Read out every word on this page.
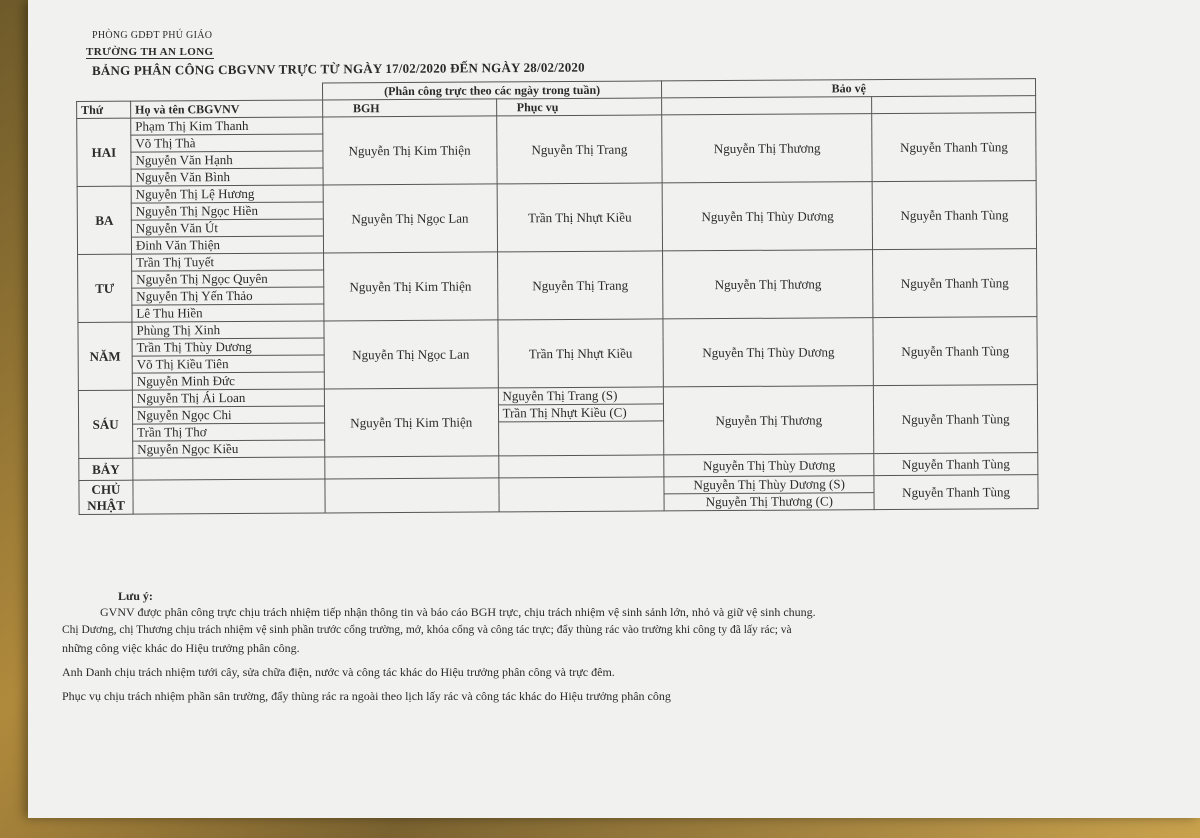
PHÒNG GDĐT PHÚ GIÁO
TRƯỜNG TH AN LONG
BẢNG PHÂN CÔNG CBGVNV TRỰC TỪ NGÀY 17/02/2020 ĐẾN NGÀY 28/02/2020
		(Phân công trực theo các ngày trong tuần)		Bảo vệ	
Thứ	Họ và tên CBGVNV	BGH	Phục vụ		
HAI	Phạm Thị Kim Thanh	Nguyễn Thị Kim Thiện	Nguyễn Thị Trang	Nguyễn Thị Thương	Nguyễn Thanh Tùng
	Võ Thị Thà				
	Nguyễn Văn Hạnh				
	Nguyễn Văn Bình				
BA	Nguyễn Thị Lệ Hương	Nguyễn Thị Ngọc Lan	Trần Thị Nhựt Kiều	Nguyễn Thị Thùy Dương	Nguyễn Thanh Tùng
	Nguyễn Thị Ngọc Hiền				
	Nguyễn Văn Út				
	Đinh Văn Thiện				
TƯ	Trần Thị Tuyết	Nguyễn Thị Kim Thiện	Nguyễn Thị Trang	Nguyễn Thị Thương	Nguyễn Thanh Tùng
	Nguyễn Thị Ngọc Quyên				
	Nguyễn Thị Yến Thảo				
	Lê Thu Hiền				
NĂM	Phùng Thị Xinh	Nguyễn Thị Ngọc Lan	Trần Thị Nhựt Kiều	Nguyễn Thị Thùy Dương	Nguyễn Thanh Tùng
	Trần Thị Thùy Dương				
	Võ Thị Kiều Tiên				
	Nguyễn Minh Đức				
SÁU	Nguyễn Thị Ái Loan	Nguyễn Thị Kim Thiện	Nguyễn Thị Trang (S)	Nguyễn Thị Thương	Nguyễn Thanh Tùng
	Nguyễn Ngọc Chi		Trần Thị Nhựt Kiều (C)		
	Trần Thị Thơ				
	Nguyễn Ngọc Kiều				
BẢY				Nguyễn Thị Thùy Dương	Nguyễn Thanh Tùng
CHỦ
NHẬT				Nguyễn Thị Thùy Dương (S)	Nguyễn Thanh Tùng
				Nguyễn Thị Thương (C)	
Lưu ý:
GVNV được phân công trực chịu trách nhiệm tiếp nhận thông tin và báo cáo BGH trực, chịu trách nhiệm vệ sinh sảnh lớn, nhỏ và giữ vệ sinh chung.
Chị Dương, chị Thương chịu trách nhiệm vệ sinh phần trước cổng trường, mở, khóa cổng và công tác trực; đẩy thùng rác vào trường khi công ty đã lấy rác; và
những công việc khác do Hiệu trưởng phân công.
Anh Danh chịu trách nhiệm tưới cây, sửa chữa điện, nước và công tác khác do Hiệu trưởng phân công và trực đêm.
Phục vụ chịu trách nhiệm phần sân trường, đẩy thùng rác ra ngoài theo lịch lấy rác và công tác khác do Hiệu trưởng phân công
